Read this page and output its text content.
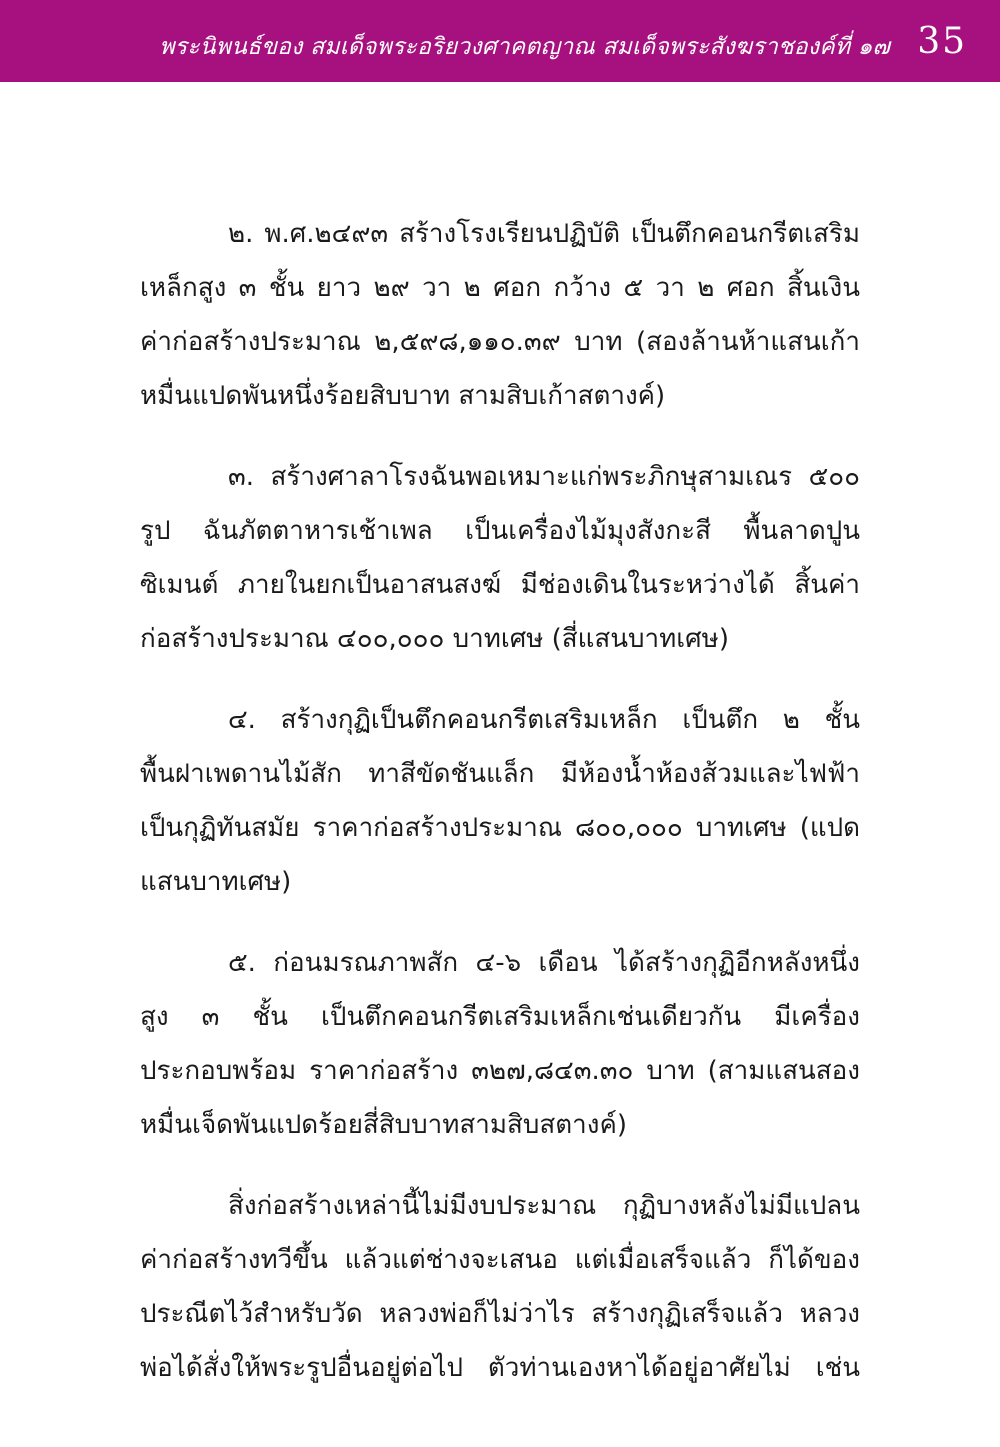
พระนิพนธ์ของ สมเด็จพระอริยวงศาคตญาณ สมเด็จพระสังฆราชองค์ที่ ๑๗ 35
๒. พ.ศ.๒๔๙๓ สร้างโรงเรียนปฏิบัติ เป็นตึกคอนกรีตเสริม
เหล็กสูง ๓ ชั้น ยาว ๒๙ วา ๒ ศอก กว้าง ๕ วา ๒ ศอก สิ้นเงิน
ค่าก่อสร้างประมาณ ๒,๕๙๘,๑๑๐.๓๙ บาท (สองล้านห้าแสนเก้า
หมื่นแปดพันหนึ่งร้อยสิบบาท สามสิบเก้าสตางค์)
๓. สร้างศาลาโรงฉันพอเหมาะแก่พระภิกษุสามเณร ๕๐๐
รูป ฉันภัตตาหารเช้าเพล เป็นเครื่องไม้มุงสังกะสี พื้นลาดปูน
ซิเมนต์ ภายในยกเป็นอาสนสงฆ์ มีช่องเดินในระหว่างได้ สิ้นค่า
ก่อสร้างประมาณ ๔๐๐,๐๐๐ บาทเศษ (สี่แสนบาทเศษ)
๔. สร้างกุฏิเป็นตึกคอนกรีตเสริมเหล็ก เป็นตึก ๒ ชั้น
พื้นฝาเพดานไม้สัก ทาสีขัดชันแล็ก มีห้องน้ำห้องส้วมและไฟฟ้า
เป็นกุฏิทันสมัย ราคาก่อสร้างประมาณ ๘๐๐,๐๐๐ บาทเศษ (แปด
แสนบาทเศษ)
๕. ก่อนมรณภาพสัก ๔-๖ เดือน ได้สร้างกุฏิอีกหลังหนึ่ง
สูง ๓ ชั้น เป็นตึกคอนกรีตเสริมเหล็กเช่นเดียวกัน มีเครื่อง
ประกอบพร้อม ราคาก่อสร้าง ๓๒๗,๘๔๓.๓๐ บาท (สามแสนสอง
หมื่นเจ็ดพันแปดร้อยสี่สิบบาทสามสิบสตางค์)
สิ่งก่อสร้างเหล่านี้ไม่มีงบประมาณ กุฏิบางหลังไม่มีแปลน
ค่าก่อสร้างทวีขึ้น แล้วแต่ช่างจะเสนอ แต่เมื่อเสร็จแล้ว ก็ได้ของ
ประณีตไว้สำหรับวัด หลวงพ่อก็ไม่ว่าไร สร้างกุฏิเสร็จแล้ว หลวง
พ่อได้สั่งให้พระรูปอื่นอยู่ต่อไป ตัวท่านเองหาได้อยู่อาศัยไม่ เช่น
